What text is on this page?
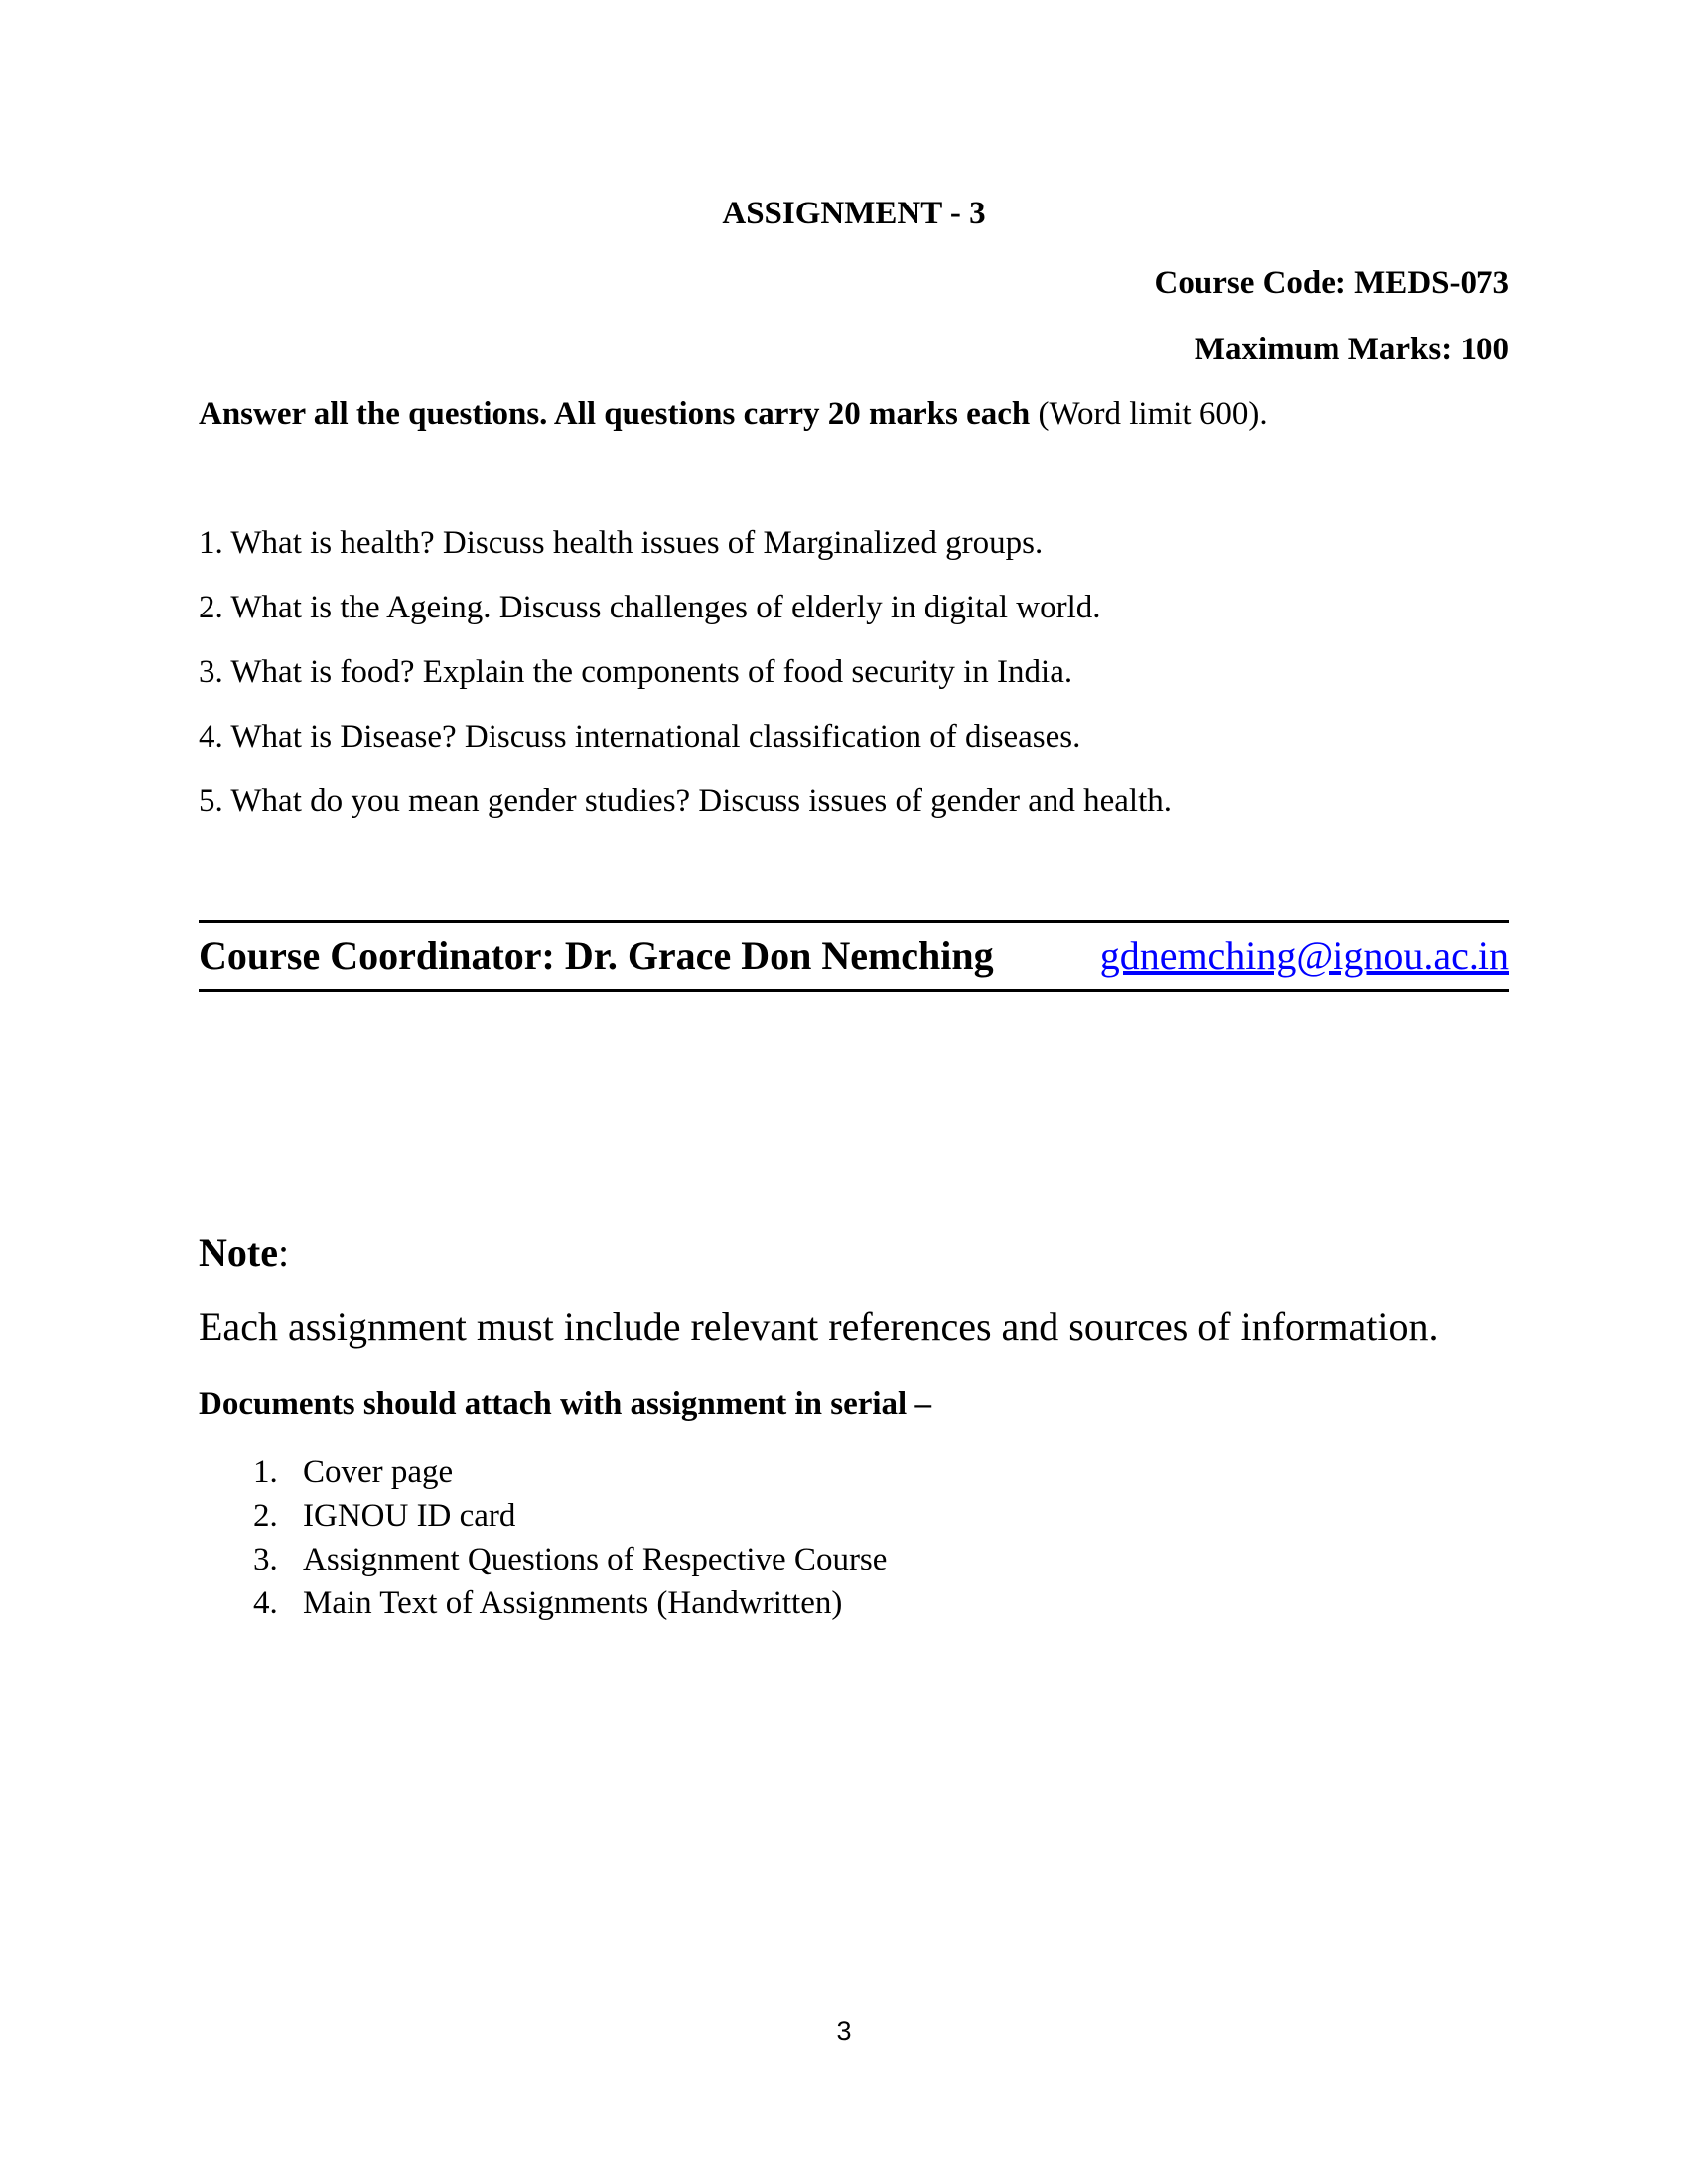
ASSIGNMENT - 3

Course Code: MEDS-073

Maximum Marks: 100

Answer all the questions. All questions carry 20 marks each (Word limit 600).

1. What is health? Discuss health issues of Marginalized groups.

2. What is the Ageing. Discuss challenges of elderly in digital world.

3. What is food? Explain the components of food security in India.

4. What is Disease? Discuss international classification of diseases.

5. What do you mean gender studies? Discuss issues of gender and health.

Course Coordinator: Dr. Grace Don Nemching	gdnemching@ignou.ac.in

Note:

Each assignment must include relevant references and sources of information.

Documents should attach with assignment in serial –

1. Cover page

2. IGNOU ID card

3. Assignment Questions of Respective Course

4. Main Text of Assignments (Handwritten)

3
